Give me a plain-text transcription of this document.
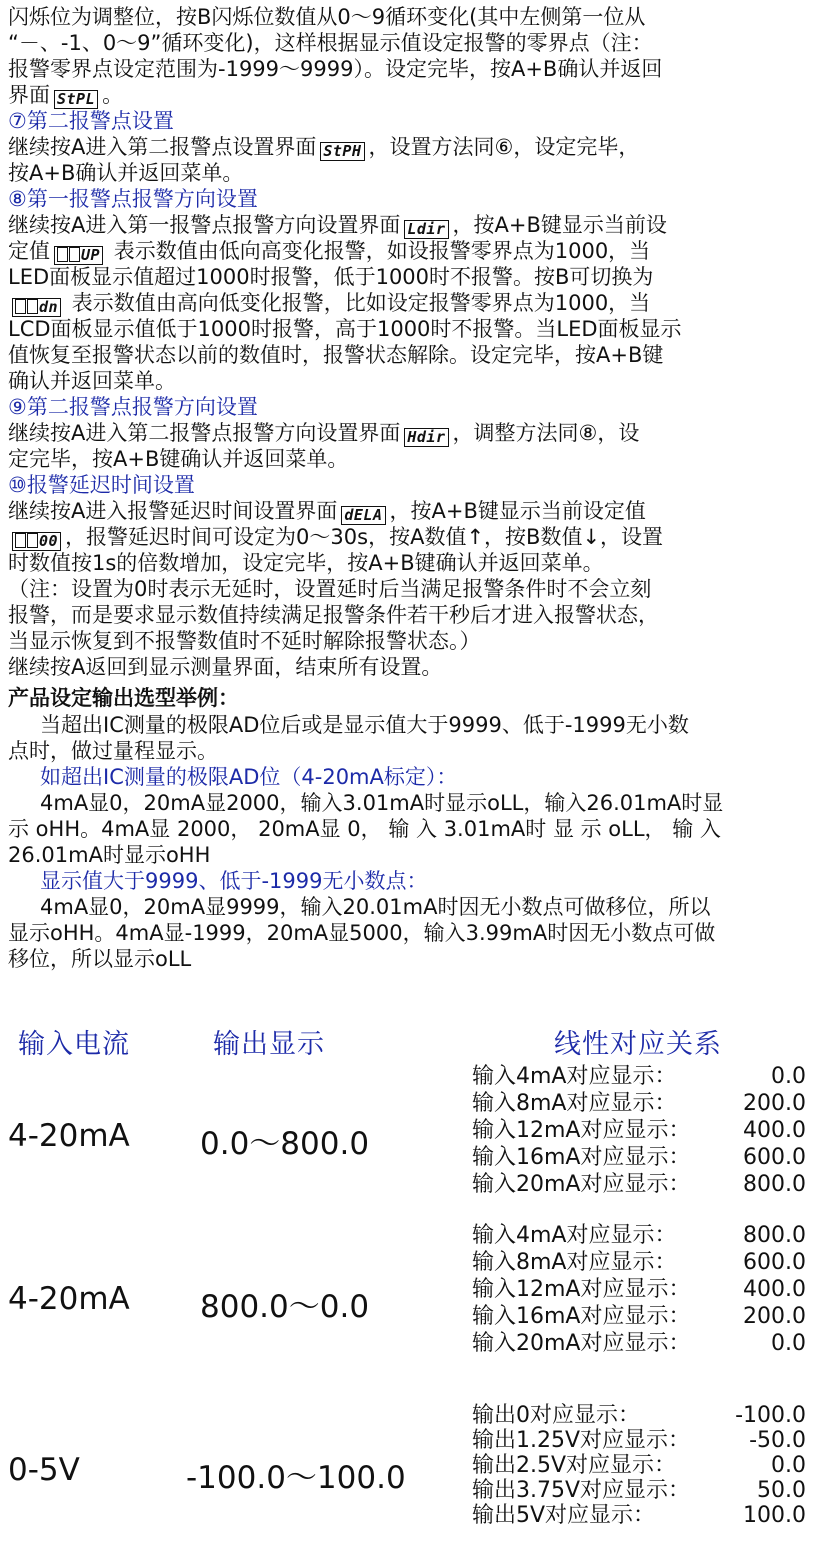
闪烁位为调整位，按B闪烁位数值从0～9循环变化(其中左侧第一位从
“－、-1、0～9”循环变化)，这样根据显示值设定报警的零界点（注：
报警零界点设定范围为-1999～9999）。设定完毕，按A+B确认并返回
界面 StPL 。
⑦第二报警点设置
继续按A进入第二报警点设置界面 StPH ，设置方法同⑥，设定完毕，
按A+B确认并返回菜单。
⑧第一报警点报警方向设置
继续按A进入第一报警点报警方向设置界面 Ldir ，按A+B键显示当前设
定值 UP 表示数值由低向高变化报警，如设报警零界点为1000，当
LED面板显示值超过1000时报警，低于1000时不报警。按B可切换为
dn 表示数值由高向低变化报警，比如设定报警零界点为1000，当
LCD面板显示值低于1000时报警，高于1000时不报警。当LED面板显示
值恢复至报警状态以前的数值时，报警状态解除。设定完毕，按A+B键
确认并返回菜单。
⑨第二报警点报警方向设置
继续按A进入第二报警点报警方向设置界面 Hdir ，调整方法同⑧，设
定完毕，按A+B键确认并返回菜单。
⑩报警延迟时间设置
继续按A进入报警延迟时间设置界面 dELA ，按A+B键显示当前设定值
00 ，报警延迟时间可设定为0～30s，按A数值↑，按B数值↓，设置
时数值按1s的倍数增加，设定完毕，按A+B键确认并返回菜单。
（注：设置为0时表示无延时，设置延时后当满足报警条件时不会立刻
报警，而是要求显示数值持续满足报警条件若干秒后才进入报警状态，
当显示恢复到不报警数值时不延时解除报警状态。）
继续按A返回到显示测量界面，结束所有设置。
产品设定输出选型举例：
当超出IC测量的极限AD位后或是显示值大于9999、低于-1999无小数
点时，做过量程显示。
如超出IC测量的极限AD位（4-20mA标定）：
4mA显0，20mA显2000，输入3.01mA时显示oLL，输入26.01mA时显
示 oHH。4mA显 2000， 20mA显 0， 输 入 3.01mA时 显 示 oLL， 输 入
26.01mA时显示oHH
显示值大于9999、低于-1999无小数点：
4mA显0，20mA显9999，输入20.01mA时因无小数点可做移位，所以
显示oHH。4mA显-1999，20mA显5000，输入3.99mA时因无小数点可做
移位，所以显示oLL
输入电流	输出显示	线性对应关系
4-20mA 0.0～800.0
输入4mA对应显示：	0.0
输入8mA对应显示：	200.0
输入12mA对应显示： 400.0
输入16mA对应显示： 600.0
输入20mA对应显示： 800.0
4-20mA 800.0～0.0
输入4mA对应显示：	800.0
输入8mA对应显示：	600.0
输入12mA对应显示： 400.0
输入16mA对应显示： 200.0
输入20mA对应显示：	0.0
0-5V	-100.0～100.0
输出0对应显示：	-100.0
输出1.25V对应显示：	-50.0
输出2.5V对应显示：	0.0
输出3.75V对应显示：	50.0
输出5V对应显示：	100.0
